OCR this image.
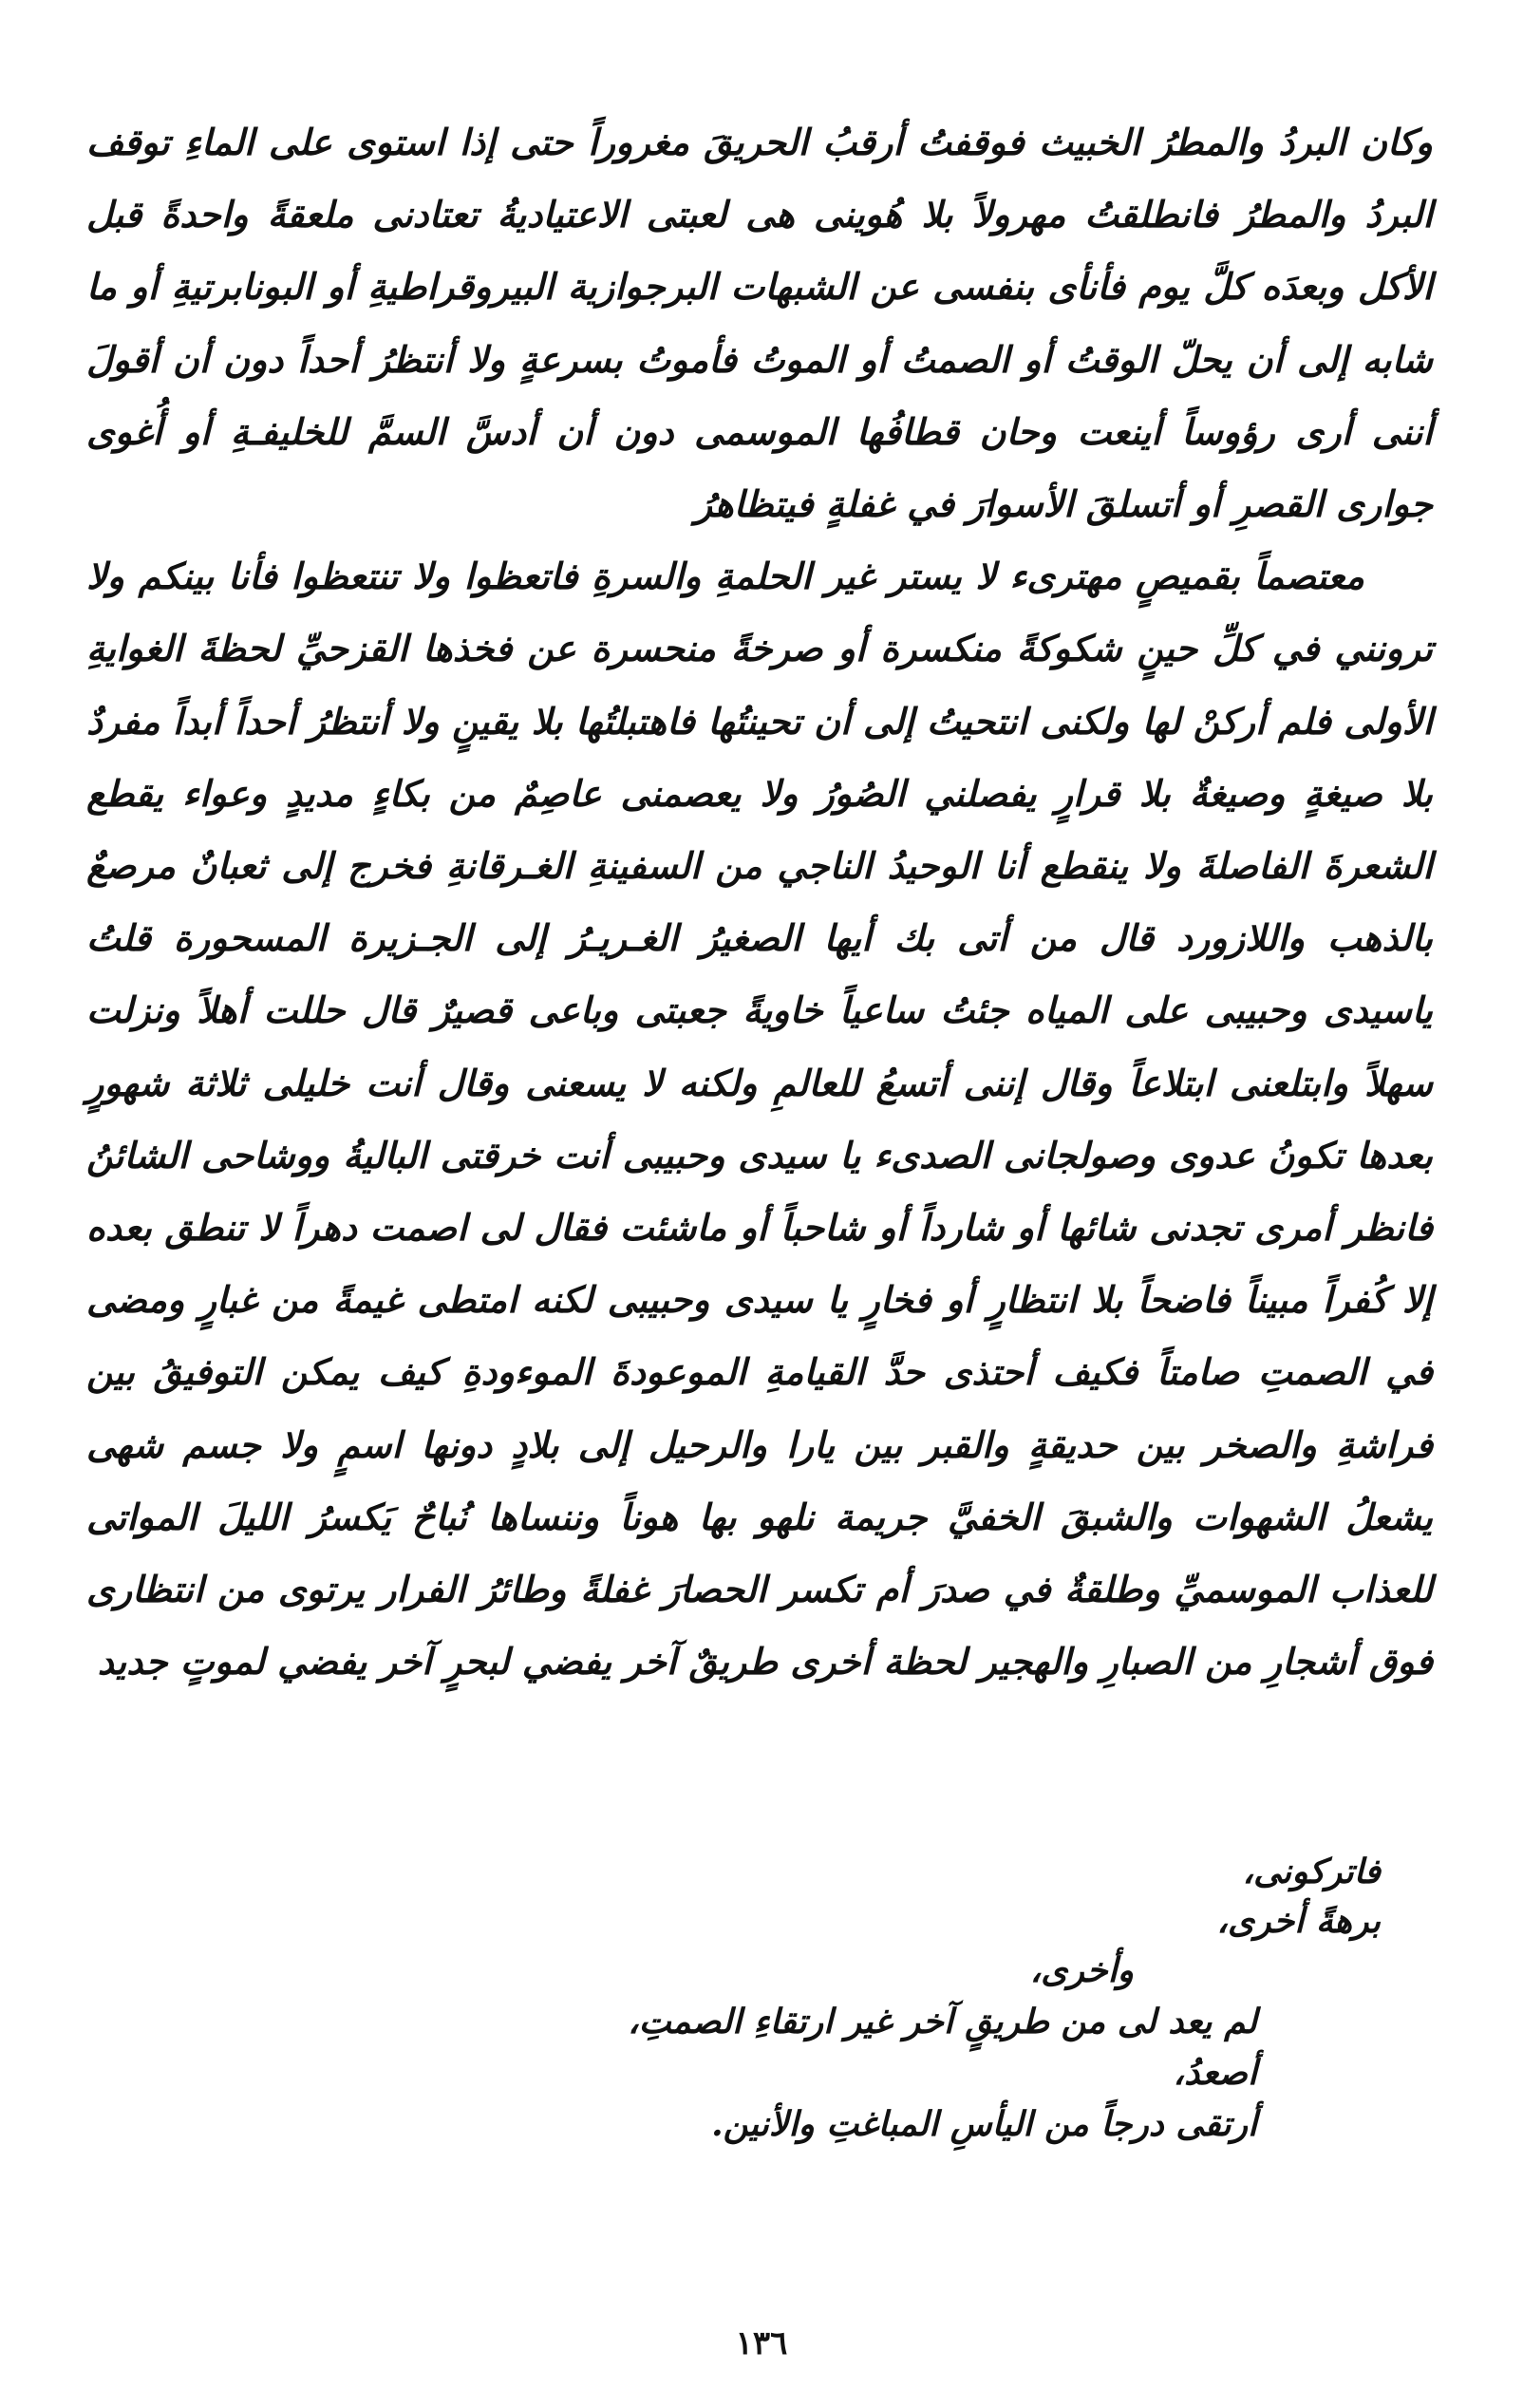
وكان البردُ والمطرُ الخبيث فوقفتُ أرقبُ الحريقَ مغروراً حتى إذا استوى على الماءِ توقف البردُ والمطرُ فانطلقتُ مهرولاً بلا هُوينى هى لعبتى الاعتياديةُ تعتادنى ملعقةً واحدةً قبل الأكل وبعدَه كلَّ يوم فأنأى بنفسى عن الشبهات البرجوازية البيروقراطيةِ أو البونابرتيةِ أو ما شابه إلى أن يحلّ الوقتُ أو الصمتُ أو الموتُ فأموتُ بسرعةٍ ولا أنتظرُ أحداً دون أن أقولَ أننى أرى رؤوساً أينعت وحان قطافُها الموسمى دون أن أدسَّ السمَّ للخليفـةِ أو أُغوى جوارى القصرِ أو أتسلقَ الأسوارَ في غفلةٍ فيتظاهرُ

معتصماً بقميصٍ مهترىء لا يستر غير الحلمةِ والسرةِ فاتعظوا ولا تنتعظوا فأنا بينكم ولا ترونني في كلِّ حينٍ شكوكةً منكسرة أو صرخةً منحسرة عن فخذها القزحيِّ لحظةَ الغوايةِ الأولى فلم أركنْ لها ولكنى انتحيتُ إلى أن تحينتُها فاهتبلتُها بلا يقينٍ ولا أنتظرُ أحداً أبداً مفردٌ بلا صيغةٍ وصيغةٌ بلا قرارٍ يفصلني الصُورُ ولا يعصمنى عاصِمٌ من بكاءٍ مديدٍ وعواء يقطع الشعرةَ الفاصلةَ ولا ينقطع أنا الوحيدُ الناجي من السفينةِ الغـرقانةِ فخرج إلى ثعبانٌ مرصعٌ بالذهب واللازورد قال من أتى بك أيها الصغيرُ الغـريـرُ إلى الجـزيرة المسحورة قلتُ ياسيدى وحبيبى على المياه جئتُ ساعياً خاويةً جعبتى وباعى قصيرٌ قال حللت أهلاً ونزلت سهلاً وابتلعنى ابتلاعاً وقال إننى أتسعُ للعالمِ ولكنه لا يسعنى وقال أنت خليلى ثلاثة شهورٍ بعدها تكونُ عدوى وصولجانى الصدىء يا سيدى وحبيبى أنت خرقتى الباليةُ ووشاحى الشائنُ فانظر أمرى تجدنى شائها أو شارداً أو شاحباً أو ماشئت فقال لى اصمت دهراً لا تنطق بعده إلا كُفراً مبيناً فاضحاً بلا انتظارٍ أو فخارٍ يا سيدى وحبيبى لكنه امتطى غيمةً من غبارٍ ومضى في الصمتِ صامتاً فكيف أحتذى حدَّ القيامةِ الموعودةَ الموءودةِ كيف يمكن التوفيقُ بين فراشةِ والصخر بين حديقةٍ والقبر بين يارا والرحيل إلى بلادٍ دونها اسمٍ ولا جسم شهى يشعلُ الشهوات والشبقَ الخفيَّ جريمة نلهو بها هوناً وننساها نُباحٌ يَكسرُ الليلَ المواتى للعذاب الموسميِّ وطلقةٌ في صدرَ أم تكسر الحصارَ غفلةً وطائرُ الفرار يرتوى من انتظارى فوق أشجارِ من الصبارِ والهجير لحظة أخرى طريقٌ آخر يفضي لبحرٍ آخر يفضي لموتٍ جديد

فاتركونى،
برهةً أخرى،
وأخرى،
لم يعد لى من طريقٍ آخر غير ارتقاءِ الصمتِ،
أصعدُ،
أرتقى درجاً من اليأسِ المباغتِ والأنين.
١٣٦
